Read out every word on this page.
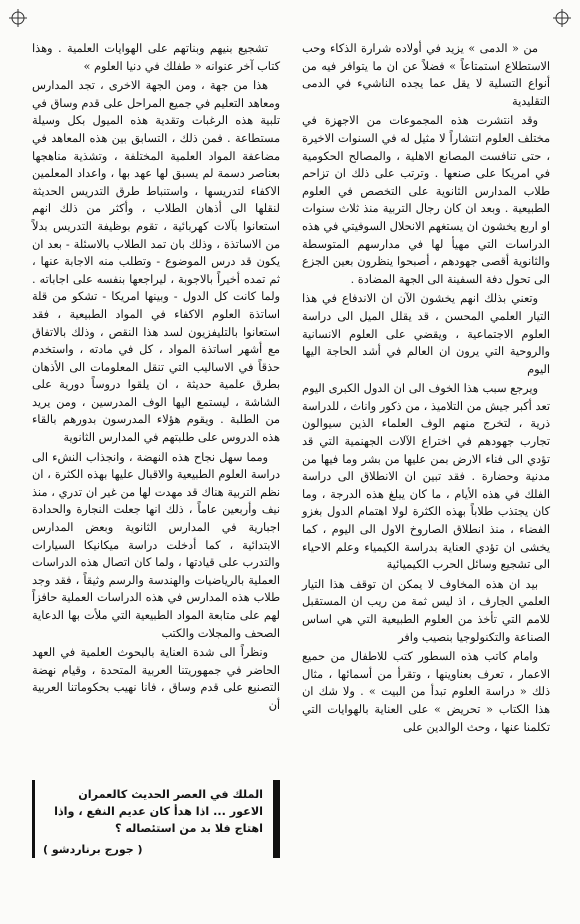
من « الدمى » يزيد في أولاده شرارة الذكاء وحب الاستطلاع استمتاعاً » فضلاً عن ان ما يتوافر فيه من أنواع التسلية لا يقل عما يجده الناشيء في الدمى التقليدية

وقد انتشرت هذه المجموعات من الاجهزة في مختلف العلوم انتشاراً لا مثيل له في السنوات الاخيرة ، حتى تنافست المصانع الاهلية ، والمصالح الحكومية في امريكا على صنعها . وترتب على ذلك ان تزاحم طلاب المدارس الثانوية على التخصص في العلوم الطبيعية . وبعد ان كان رجال التربية منذ ثلاث سنوات او اربع يخشون ان يستغهم الانحلال السوفيتي في هذه الدراسات التي مهيأ لها في مدارسهم المتوسطة والثانوية أقصى جهودهم ، أصبحوا ينظرون بعين الجزع الى تحول دفة السفينة الى الجهة المضادة .

وتعني بذلك انهم يخشون الآن ان الاندفاع في هذا التيار العلمي المحسن ، قد يقلل الميل الى دراسة العلوم الاجتماعية ، ويقضي على العلوم الانسانية والروحية التي يرون ان العالم في أشد الحاجة اليها اليوم

ويرجع سبب هذا الخوف الى ان الدول الكبرى اليوم تعد أكبر جيش من التلاميذ ، من ذكور واناث ، للدراسة ذرية ، لتخرج منهم الوف العلماء الذين سيوالون تجارب جهودهم في اختراع الآلات الجهنمية التي قد تؤدي الى فناء الارض بمن عليها من بشر وما فيها من مدنية وحضارة . فقد تبين ان الانطلاق الى دراسة الفلك في هذه الأيام ، ما كان يبلغ هذه الدرجة ، وما كان يجتذب طلاباً بهذه الكثرة لولا اهتمام الدول بغزو الفضاء ، منذ انطلاق الصاروخ الاول الى اليوم ، كما يخشى ان تؤدي العناية بدراسة الكيمياء وعلم الاحياء الى تشجيع وسائل الحرب الكيميائية

بيد ان هذه المخاوف لا يمكن ان توقف هذا التيار العلمي الجارف ، اذ ليس ثمة من ريب ان المستقبل للامم التي تأخذ من العلوم الطبيعية التي هي اساس الصناعة والتكنولوجيا بنصيب وافر

وامام كاتب هذه السطور كتب للاطفال من حميع الاعمار ، تعرف بعناوينها ، وتقرأ من أسمائها ، مثال ذلك « دراسة العلوم تبدأ من البيت » . ولا شك ان هذا الكتاب « تحريض » على العناية بالهوايات التي تكلمنا عنها ، وحث الوالدين على

تشجيع بنيهم وبناتهم على الهوايات العلمية . وهذا كتاب آخر عنوانه « طفلك في دنيا العلوم »

هذا من جهة ، ومن الجهة الاخرى ، تجد المدارس ومعاهد التعليم في جميع المراحل على قدم وساق في تلبية هذه الرغبات وتقدية هذه الميول بكل وسيلة مستطاعة . فمن ذلك ، التسابق بين هذه المعاهد في مضاعفة المواد العلمية المختلفة ، وتشذية مناهجها بعناصر دسمة لم يسبق لها عهد بها ، واعداد المعلمين الاكفاء لتدريسها ، واستنباط طرق التدريس الحديثة لنقلها الى أذهان الطلاب ، وأكثر من ذلك انهم استعانوا بآلات كهربائية ، تقوم بوظيفة التدريس بدلاً من الاساتذة ، وذلك بان تمد الطلاب بالاسئلة - بعد ان يكون قد درس الموضوع - وتطلب منه الاجابة عنها ، ثم تمده أخيراً بالاجوبة ، ليراجعها بنفسه على اجاباته . ولما كانت كل الدول - وبينها امريكا - تشكو من قلة اساتذة العلوم الاكفاء في المواد الطبيعية ، فقد استعانوا بالتليفزيون لسد هذا النقص ، وذلك بالاتفاق مع أشهر اساتذة المواد ، كل في مادته ، واستخدم حذقاً في الاساليب التي تنقل المعلومات الى الأذهان بطرق علمية حديثة ، ان يلقوا دروساً دورية على الشاشة ، ليستمع اليها الوف المدرسين ، ومن يريد من الطلبة . ويقوم هؤلاء المدرسون بدورهم بالقاء هذه الدروس على طلبتهم في المدارس الثانوية

ومما سهل نجاح هذه النهضة ، وانجذاب النشء الى دراسة العلوم الطبيعية والاقبال عليها بهذه الكثرة ، ان نظم التربية هناك قد مهدت لها من غير ان تدري ، منذ نيف وأربعين عاماً ، ذلك انها جعلت النجارة والحدادة اجبارية في المدارس الثانوية وبعض المدارس الابتدائية ، كما أدخلت دراسة ميكانيكا السيارات والتدرب على قيادتها ، ولما كان اتصال هذه الدراسات العملية بالرياضيات والهندسة والرسم وثيقاً ، فقد وجد طلاب هذه المدارس في هذه الدراسات العملية حافزاً لهم على متابعة المواد الطبيعية التي ملأت بها الدعاية الصحف والمجلات والكتب

ونظراً الى شدة العناية بالبحوث العلمية في العهد الحاضر في جمهوريتنا العربية المتحدة ، وقيام نهضة التصنيع على قدم وساق ، فانا نهيب بحكوماتنا العربية أن

الملك في العصر الحديث كالعمران الاعور ... اذا هدأ كان عديم النفع ، واذا اهتاج فلا بد من استئصاله ؟
( جورج برناردشو )
